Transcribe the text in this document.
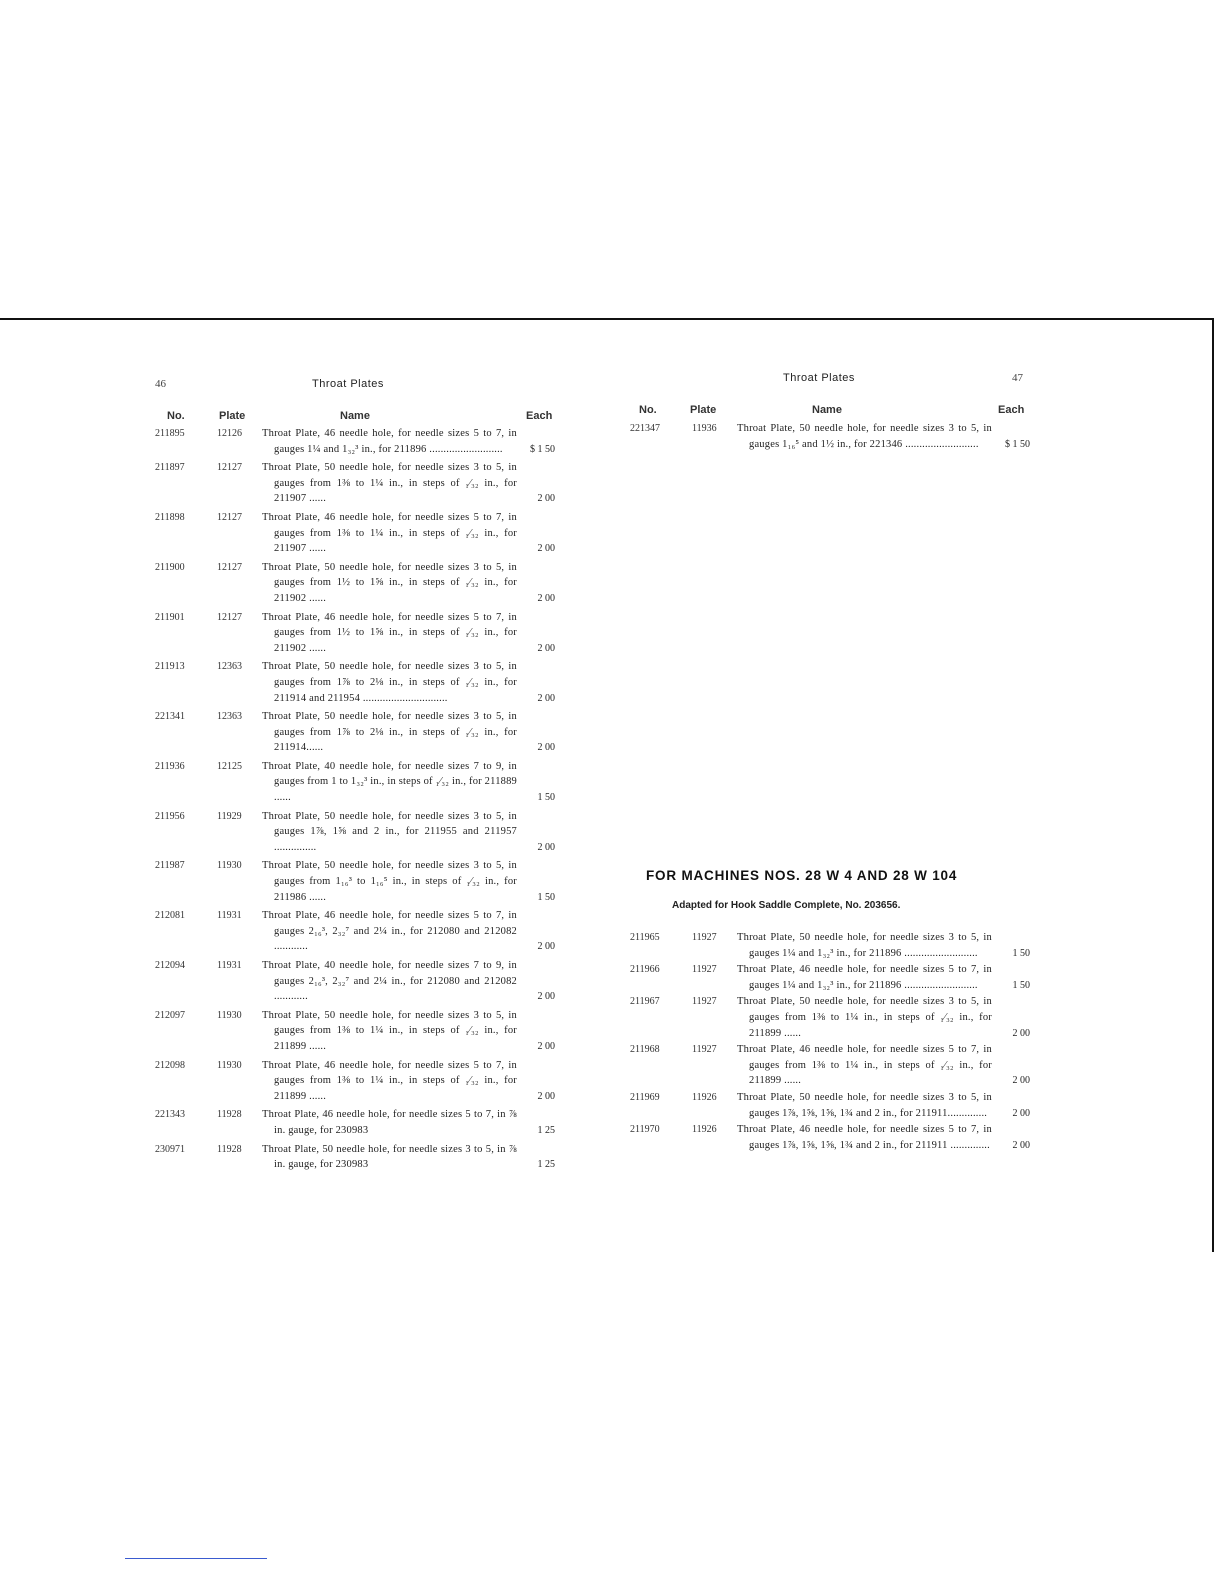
46	Throat Plates
No.	Plate	Name	Each
211895	12126	Throat Plate, 46 needle hole, for needle sizes 5 to 7, in gauges 1¼ and 1₃₂³ in., for 211896 ..........................	$ 1 50
211897	12127	Throat Plate, 50 needle hole, for needle sizes 3 to 5, in gauges from 1⅜ to 1¼ in., in steps of ₁⁄₃₂ in., for 211907 ......	2 00
211898	12127	Throat Plate, 46 needle hole, for needle sizes 5 to 7, in gauges from 1⅜ to 1¼ in., in steps of ₁⁄₃₂ in., for 211907 ......	2 00
211900	12127	Throat Plate, 50 needle hole, for needle sizes 3 to 5, in gauges from 1½ to 1⅝ in., in steps of ₁⁄₃₂ in., for 211902 ......	2 00
211901	12127	Throat Plate, 46 needle hole, for needle sizes 5 to 7, in gauges from 1½ to 1⅝ in., in steps of ₁⁄₃₂ in., for 211902 ......	2 00
211913	12363	Throat Plate, 50 needle hole, for needle sizes 3 to 5, in gauges from 1⅞ to 2⅛ in., in steps of ₁⁄₃₂ in., for 211914 and 211954 ..............................	2 00
221341	12363	Throat Plate, 50 needle hole, for needle sizes 3 to 5, in gauges from 1⅞ to 2⅛ in., in steps of ₁⁄₃₂ in., for 211914......	2 00
211936	12125	Throat Plate, 40 needle hole, for needle sizes 7 to 9, in gauges from 1 to 1₃₂³ in., in steps of ₁⁄₃₂ in., for 211889 ......	1 50
211956	11929	Throat Plate, 50 needle hole, for needle sizes 3 to 5, in gauges 1⅞, 1⅝ and 2 in., for 211955 and 211957 ...............	2 00
211987	11930	Throat Plate, 50 needle hole, for needle sizes 3 to 5, in gauges from 1₁₆³ to 1₁₆⁵ in., in steps of ₁⁄₃₂ in., for 211986 ......	1 50
212081	11931	Throat Plate, 46 needle hole, for needle sizes 5 to 7, in gauges 2₁₆³, 2₃₂⁷ and 2¼ in., for 212080 and 212082 ............	2 00
212094	11931	Throat Plate, 40 needle hole, for needle sizes 7 to 9, in gauges 2₁₆³, 2₃₂⁷ and 2¼ in., for 212080 and 212082 ............	2 00
212097	11930	Throat Plate, 50 needle hole, for needle sizes 3 to 5, in gauges from 1⅜ to 1¼ in., in steps of ₁⁄₃₂ in., for 211899 ......	2 00
212098	11930	Throat Plate, 46 needle hole, for needle sizes 5 to 7, in gauges from 1⅜ to 1¼ in., in steps of ₁⁄₃₂ in., for 211899 ......	2 00
221343	11928	Throat Plate, 46 needle hole, for needle sizes 5 to 7, in ⅞ in. gauge, for 230983	1 25
230971	11928	Throat Plate, 50 needle hole, for needle sizes 3 to 5, in ⅞ in. gauge, for 230983	1 25
47
Throat Plates
No.	Plate	Name	Each
221347	11936	Throat Plate, 50 needle hole, for needle sizes 3 to 5, in gauges 1₁₆⁵ and 1½ in., for 221346 ..........................	$ 1 50
FOR MACHINES NOS. 28 W 4 AND 28 W 104
Adapted for Hook Saddle Complete, No. 203656.
211965	11927	Throat Plate, 50 needle hole, for needle sizes 3 to 5, in gauges 1¼ and 1₃₂³ in., for 211896 ..........................	1 50
211966	11927	Throat Plate, 46 needle hole, for needle sizes 5 to 7, in gauges 1¼ and 1₃₂³ in., for 211896 ..........................	1 50
211967	11927	Throat Plate, 50 needle hole, for needle sizes 3 to 5, in gauges from 1⅜ to 1¼ in., in steps of ₁⁄₃₂ in., for 211899 ......	2 00
211968	11927	Throat Plate, 46 needle hole, for needle sizes 5 to 7, in gauges from 1⅜ to 1¼ in., in steps of ₁⁄₃₂ in., for 211899 ......	2 00
211969	11926	Throat Plate, 50 needle hole, for needle sizes 3 to 5, in gauges 1⅞, 1⅝, 1⅝, 1¾ and 2 in., for 211911..............	2 00
211970	11926	Throat Plate, 46 needle hole, for needle sizes 5 to 7, in gauges 1⅞, 1⅝, 1⅝, 1¾ and 2 in., for 211911 ..............	2 00
